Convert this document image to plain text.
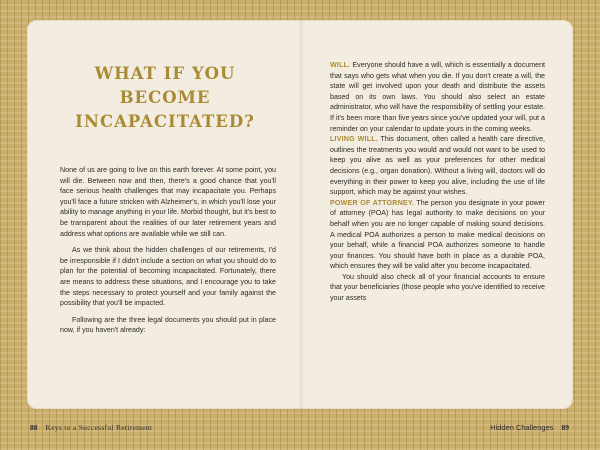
WHAT IF YOU
BECOME
INCAPACITATED?

None of us are going to live on this earth forever. At some point, you will die. Between now and then, there's a good chance that you'll face serious health challenges that may incapacitate you. Perhaps you'll face a future stricken with Alzheimer's, in which you'll lose your ability to manage anything in your life. Morbid thought, but it's best to be transparent about the realities of our later retirement years and address what options are available while we still can.

As we think about the hidden challenges of our retirements, I'd be irresponsible if I didn't include a section on what you should do to plan for the potential of becoming incapacitated. Fortunately, there are means to address these situations, and I encourage you to take the steps necessary to protect yourself and your family against the possibility that you'll be impacted.

Following are the three legal documents you should put in place now, if you haven't already:

WILL. Everyone should have a will, which is essentially a document that says who gets what when you die. If you don't create a will, the state will get involved upon your death and distribute the assets based on its own laws. You should also select an estate administrator, who will have the responsibility of settling your estate. If it's been more than five years since you've updated your will, put a reminder on your calendar to update yours in the coming weeks.

LIVING WILL. This document, often called a health care directive, outlines the treatments you would and would not want to be used to keep you alive as well as your preferences for other medical decisions (e.g., organ donation). Without a living will, doctors will do everything in their power to keep you alive, including the use of life support, which may be against your wishes.

POWER OF ATTORNEY. The person you designate in your power of attorney (POA) has legal authority to make decisions on your behalf when you are no longer capable of making sound decisions. A medical POA authorizes a person to make medical decisions on your behalf, while a financial POA authorizes someone to handle your finances. You should have both in place as a durable POA, which ensures they will be valid after you become incapacitated.

You should also check all of your financial accounts to ensure that your beneficiaries (those people who you've identified to receive your assets

88 Keys to a Successful Retirement	Hidden Challenges 89
